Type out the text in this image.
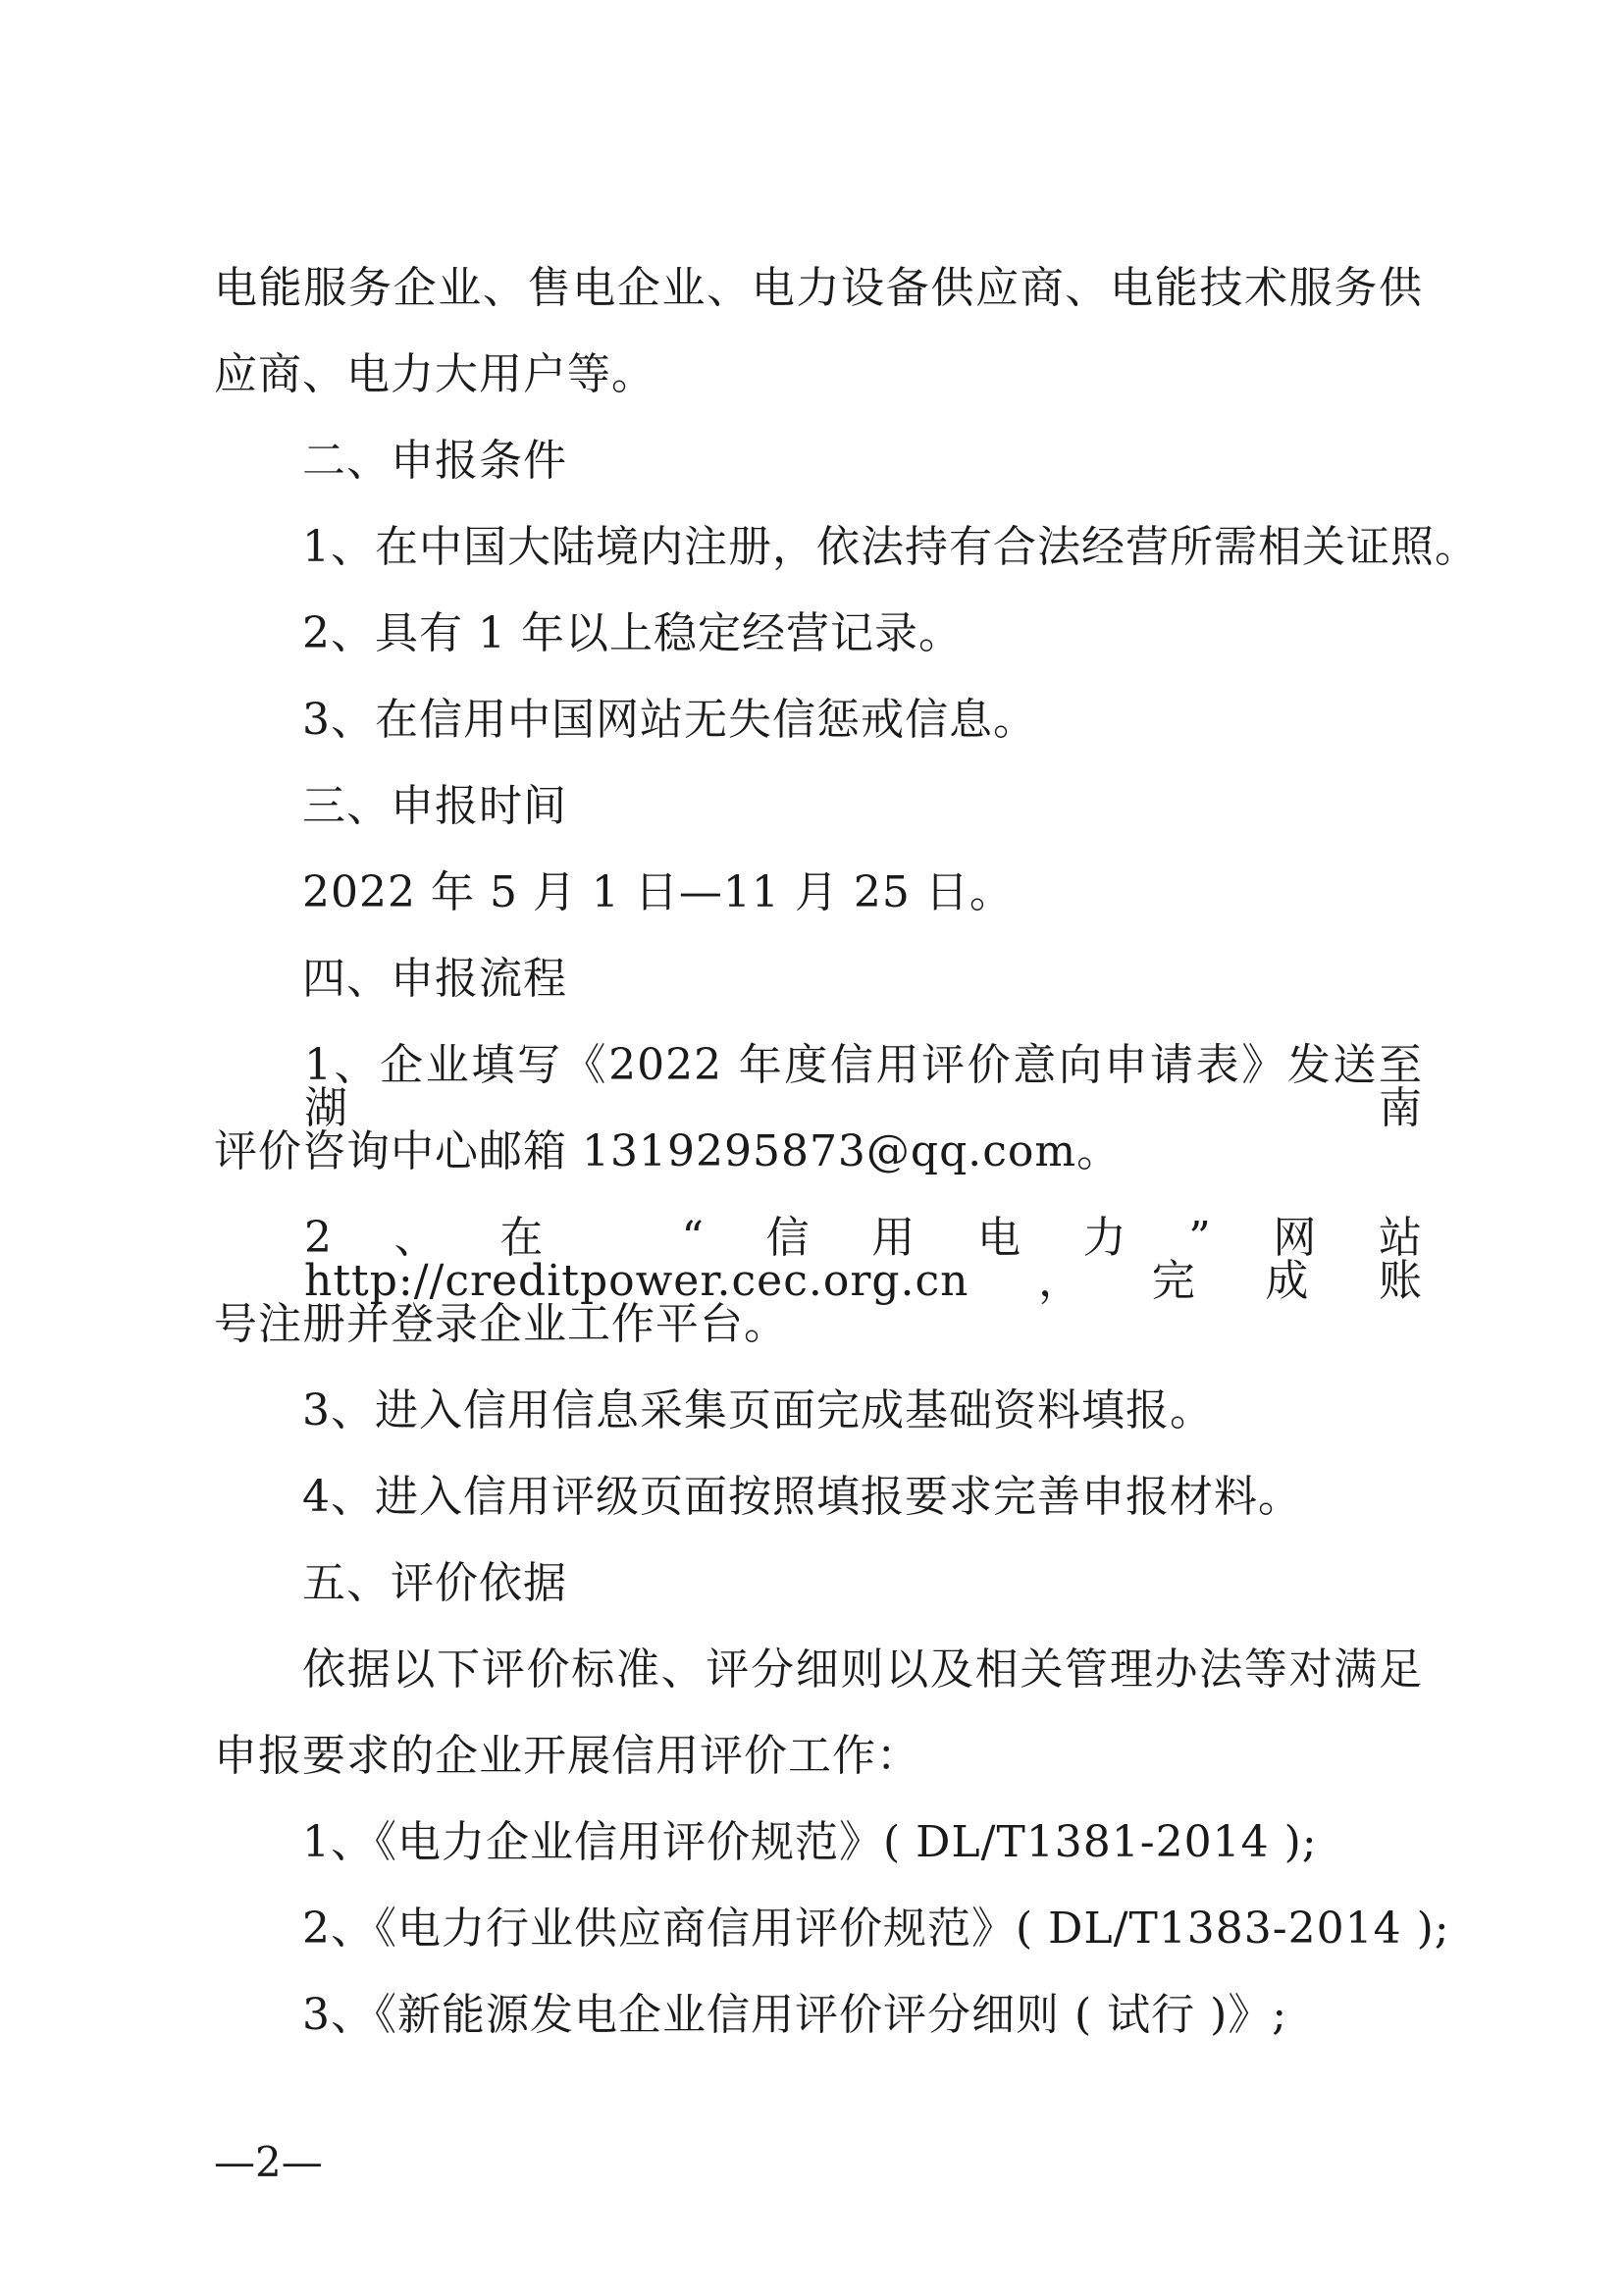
电能服务企业、售电企业、电力设备供应商、电能技术服务供
应商、电力大用户等。
二、申报条件
1、在中国大陆境内注册，依法持有合法经营所需相关证照。
2、具有 1 年以上稳定经营记录。
3、在信用中国网站无失信惩戒信息。
三、申报时间
2022 年 5 月 1 日—11 月 25 日。
四、申报流程
1、企业填写《2022 年度信用评价意向申请表》发送至湖南
评价咨询中心邮箱 1319295873@qq.com。
2、在 “信用电力”网站 http://creditpower.cec.org.cn，完成账
号注册并登录企业工作平台。
3、进入信用信息采集页面完成基础资料填报。
4、进入信用评级页面按照填报要求完善申报材料。
五、评价依据
依据以下评价标准、评分细则以及相关管理办法等对满足
申报要求的企业开展信用评价工作：
1、《电力企业信用评价规范》( DL/T1381-2014 );
2、《电力行业供应商信用评价规范》( DL/T1383-2014 );
3、《新能源发电企业信用评价评分细则 ( 试行 )》;
—2—
